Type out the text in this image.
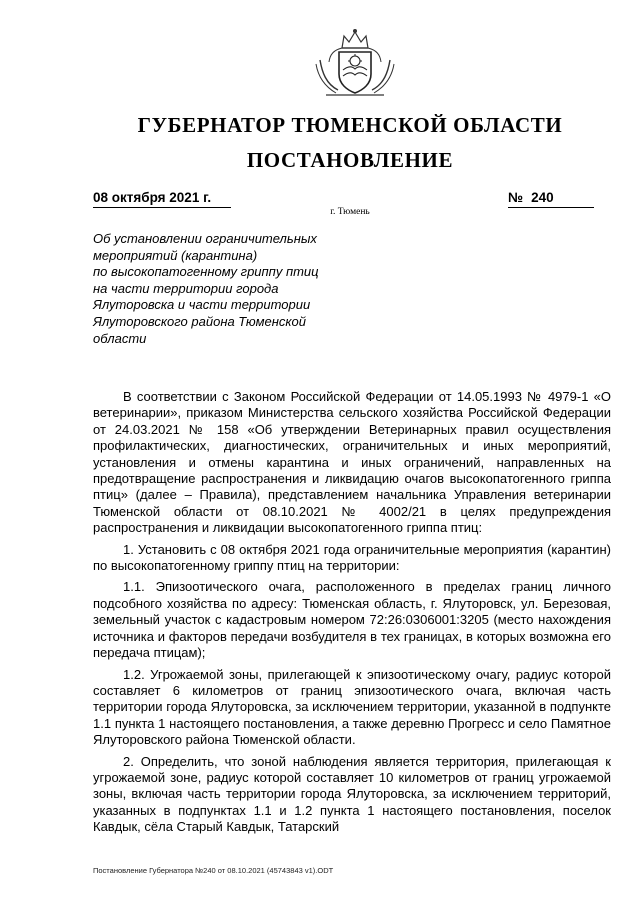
ГУБЕРНАТОР ТЮМЕНСКОЙ ОБЛАСТИ
ПОСТАНОВЛЕНИЕ
08 октября 2021 г.	№ 240
г. Тюмень
Об установлении ограничительных
мероприятий (карантина)
по высокопатогенному гриппу птиц
на части территории города
Ялуторовска и части территории
Ялуторовского района Тюменской
области

В соответствии с Законом Российской Федерации от 14.05.1993 № 4979-1 «О ветеринарии», приказом Министерства сельского хозяйства Российской Федерации от 24.03.2021 № 158 «Об утверждении Ветеринарных правил осуществления профилактических, диагностических, ограничительных и иных мероприятий, установления и отмены карантина и иных ограничений, направленных на предотвращение распространения и ликвидацию очагов высокопатогенного гриппа птиц» (далее – Правила), представлением начальника Управления ветеринарии Тюменской области от 08.10.2021 № 4002/21 в целях предупреждения распространения и ликвидации высокопатогенного гриппа птиц:

1. Установить с 08 октября 2021 года ограничительные мероприятия (карантин) по высокопатогенному гриппу птиц на территории:

1.1. Эпизоотического очага, расположенного в пределах границ личного подсобного хозяйства по адресу: Тюменская область, г. Ялуторовск, ул. Березовая, земельный участок с кадастровым номером 72:26:0306001:3205 (место нахождения источника и факторов передачи возбудителя в тех границах, в которых возможна его передача птицам);

1.2. Угрожаемой зоны, прилегающей к эпизоотическому очагу, радиус которой составляет 6 километров от границ эпизоотического очага, включая часть территории города Ялуторовска, за исключением территории, указанной в подпункте 1.1 пункта 1 настоящего постановления, а также деревню Прогресс и село Памятное Ялуторовского района Тюменской области.

2. Определить, что зоной наблюдения является территория, прилегающая к угрожаемой зоне, радиус которой составляет 10 километров от границ угрожаемой зоны, включая часть территории города Ялуторовска, за исключением территорий, указанных в подпунктах 1.1 и 1.2 пункта 1 настоящего постановления, поселок Кавдык, сёла Старый Кавдык, Татарский

Постановление Губернатора №240 от 08.10.2021 (45743843 v1).ODT
